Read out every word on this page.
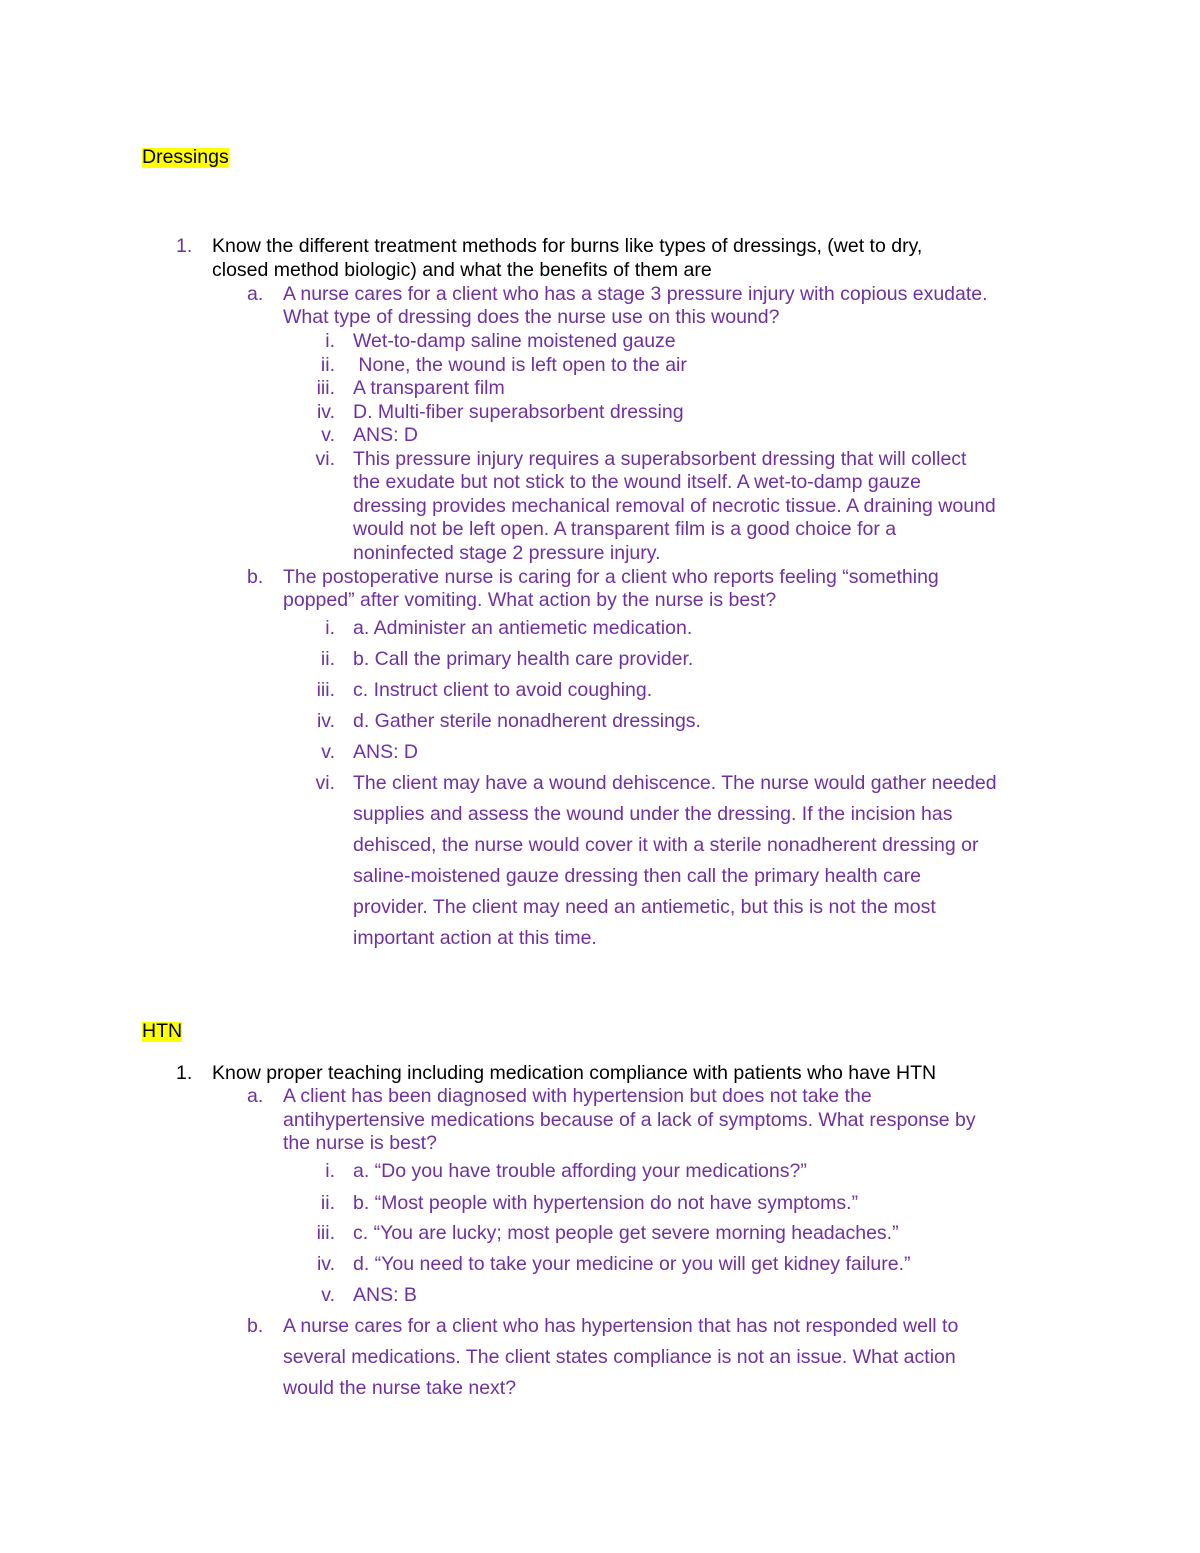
Dressings
1. Know the different treatment methods for burns like types of dressings, (wet to dry,
closed method biologic) and what the benefits of them are
a. A nurse cares for a client who has a stage 3 pressure injury with copious exudate.
What type of dressing does the nurse use on this wound?
i. Wet-to-damp saline moistened gauze
ii. None, the wound is left open to the air
iii. A transparent film
iv. D. Multi-fiber superabsorbent dressing
v. ANS: D
vi. This pressure injury requires a superabsorbent dressing that will collect
the exudate but not stick to the wound itself. A wet-to-damp gauze
dressing provides mechanical removal of necrotic tissue. A draining wound
would not be left open. A transparent film is a good choice for a
noninfected stage 2 pressure injury.
b. The postoperative nurse is caring for a client who reports feeling “something
popped” after vomiting. What action by the nurse is best?
i. a. Administer an antiemetic medication.
ii. b. Call the primary health care provider.
iii. c. Instruct client to avoid coughing.
iv. d. Gather sterile nonadherent dressings.
v. ANS: D
vi. The client may have a wound dehiscence. The nurse would gather needed
supplies and assess the wound under the dressing. If the incision has
dehisced, the nurse would cover it with a sterile nonadherent dressing or
saline-moistened gauze dressing then call the primary health care
provider. The client may need an antiemetic, but this is not the most
important action at this time.
HTN
1. Know proper teaching including medication compliance with patients who have HTN
a. A client has been diagnosed with hypertension but does not take the
antihypertensive medications because of a lack of symptoms. What response by
the nurse is best?
i. a. “Do you have trouble affording your medications?”
ii. b. “Most people with hypertension do not have symptoms.”
iii. c. “You are lucky; most people get severe morning headaches.”
iv. d. “You need to take your medicine or you will get kidney failure.”
v. ANS: B
b. A nurse cares for a client who has hypertension that has not responded well to
several medications. The client states compliance is not an issue. What action
would the nurse take next?
